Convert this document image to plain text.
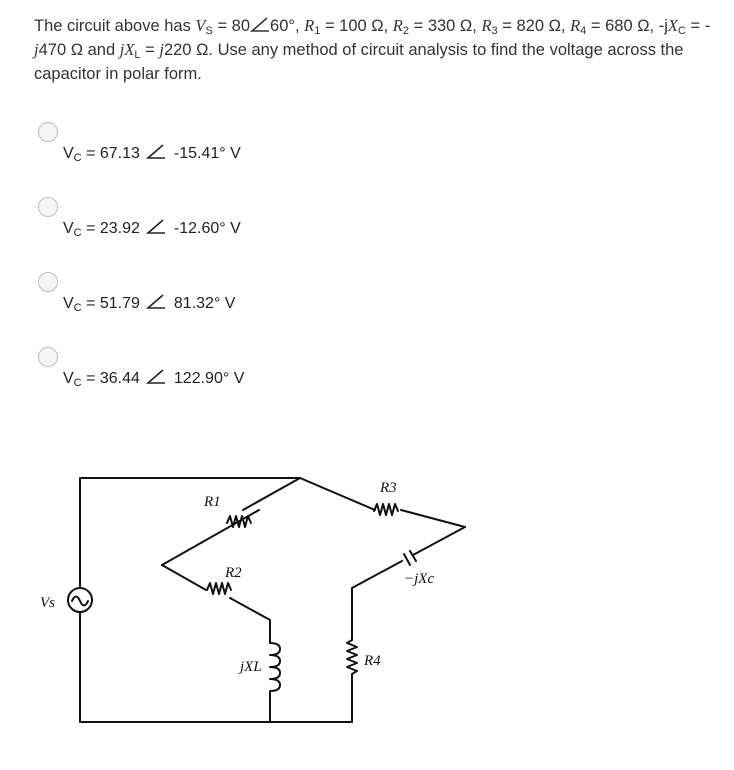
The circuit above has $V_S = 80$ 60°, $R_1 = 100$ Ω, $R_2 = 330$ Ω, $R_3 = 820$ Ω, $R_4 = 680$ Ω, $-jX_C = -j470$ Ω and $jX_L = j220$ Ω. Use any method of circuit analysis to find the voltage across the capacitor in polar form.
$V_C = 67.13$ -15.41° V
$V_C = 23.92$ -12.60° V
$V_C = 51.79$ 81.32° V
$V_C = 36.44$ 122.90° V
Vs
R1
R2
R3
R4
jXL
−jXc
